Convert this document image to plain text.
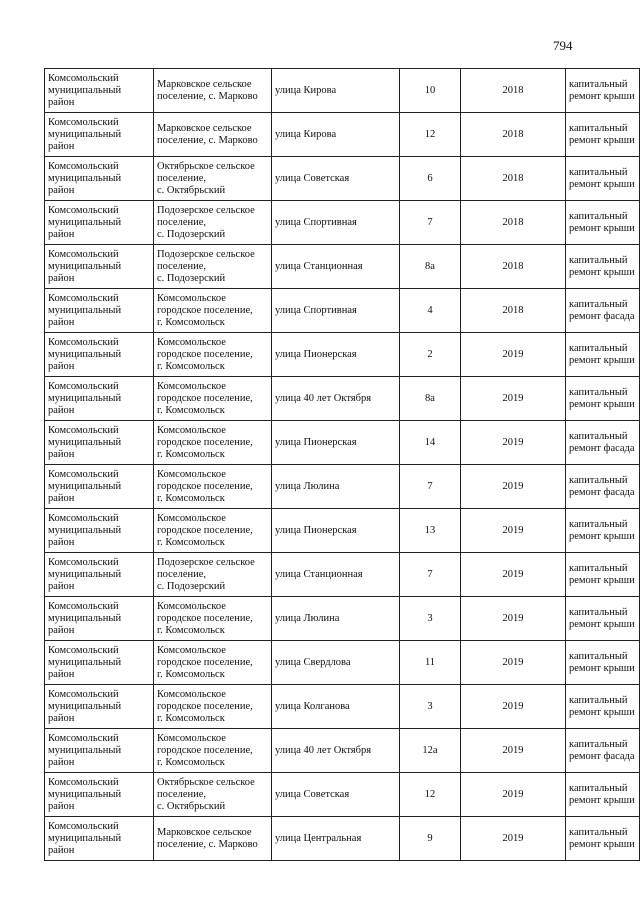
794
Комсомольский
муниципальный
район	Марковское сельское
поселение, с. Марково	улица Кирова	10	2018	капитальный
ремонт крыши

Комсомольский
муниципальный
район	Марковское сельское
поселение, с. Марково	улица Кирова	12	2018	капитальный
ремонт крыши

Комсомольский
муниципальный
район	Октябрьское сельское
поселение,
с. Октябрьский	улица Советская	6	2018	капитальный
ремонт крыши

Комсомольский
муниципальный
район	Подозерское сельское
поселение,
с. Подозерский	улица Спортивная	7	2018	капитальный
ремонт крыши

Комсомольский
муниципальный
район	Подозерское сельское
поселение,
с. Подозерский	улица Станционная	8а	2018	капитальный
ремонт крыши

Комсомольский
муниципальный
район	Комсомольское
городское поселение,
г. Комсомольск	улица Спортивная	4	2018	капитальный
ремонт фасада

Комсомольский
муниципальный
район	Комсомольское
городское поселение,
г. Комсомольск	улица Пионерская	2	2019	капитальный
ремонт крыши

Комсомольский
муниципальный
район	Комсомольское
городское поселение,
г. Комсомольск	улица 40 лет Октября	8а	2019	капитальный
ремонт крыши

Комсомольский
муниципальный
район	Комсомольское
городское поселение,
г. Комсомольск	улица Пионерская	14	2019	капитальный
ремонт фасада

Комсомольский
муниципальный
район	Комсомольское
городское поселение,
г. Комсомольск	улица Люлина	7	2019	капитальный
ремонт фасада

Комсомольский
муниципальный
район	Комсомольское
городское поселение,
г. Комсомольск	улица Пионерская	13	2019	капитальный
ремонт крыши

Комсомольский
муниципальный
район	Подозерское сельское
поселение,
с. Подозерский	улица Станционная	7	2019	капитальный
ремонт крыши

Комсомольский
муниципальный
район	Комсомольское
городское поселение,
г. Комсомольск	улица Люлина	3	2019	капитальный
ремонт крыши

Комсомольский
муниципальный
район	Комсомольское
городское поселение,
г. Комсомольск	улица Свердлова	11	2019	капитальный
ремонт крыши

Комсомольский
муниципальный
район	Комсомольское
городское поселение,
г. Комсомольск	улица Колганова	3	2019	капитальный
ремонт крыши

Комсомольский
муниципальный
район	Комсомольское
городское поселение,
г. Комсомольск	улица 40 лет Октября	12а	2019	капитальный
ремонт фасада

Комсомольский
муниципальный
район	Октябрьское сельское
поселение,
с. Октябрьский	улица Советская	12	2019	капитальный
ремонт крыши

Комсомольский
муниципальный
район	Марковское сельское
поселение, с. Марково	улица Центральная	9	2019	капитальный
ремонт крыши
